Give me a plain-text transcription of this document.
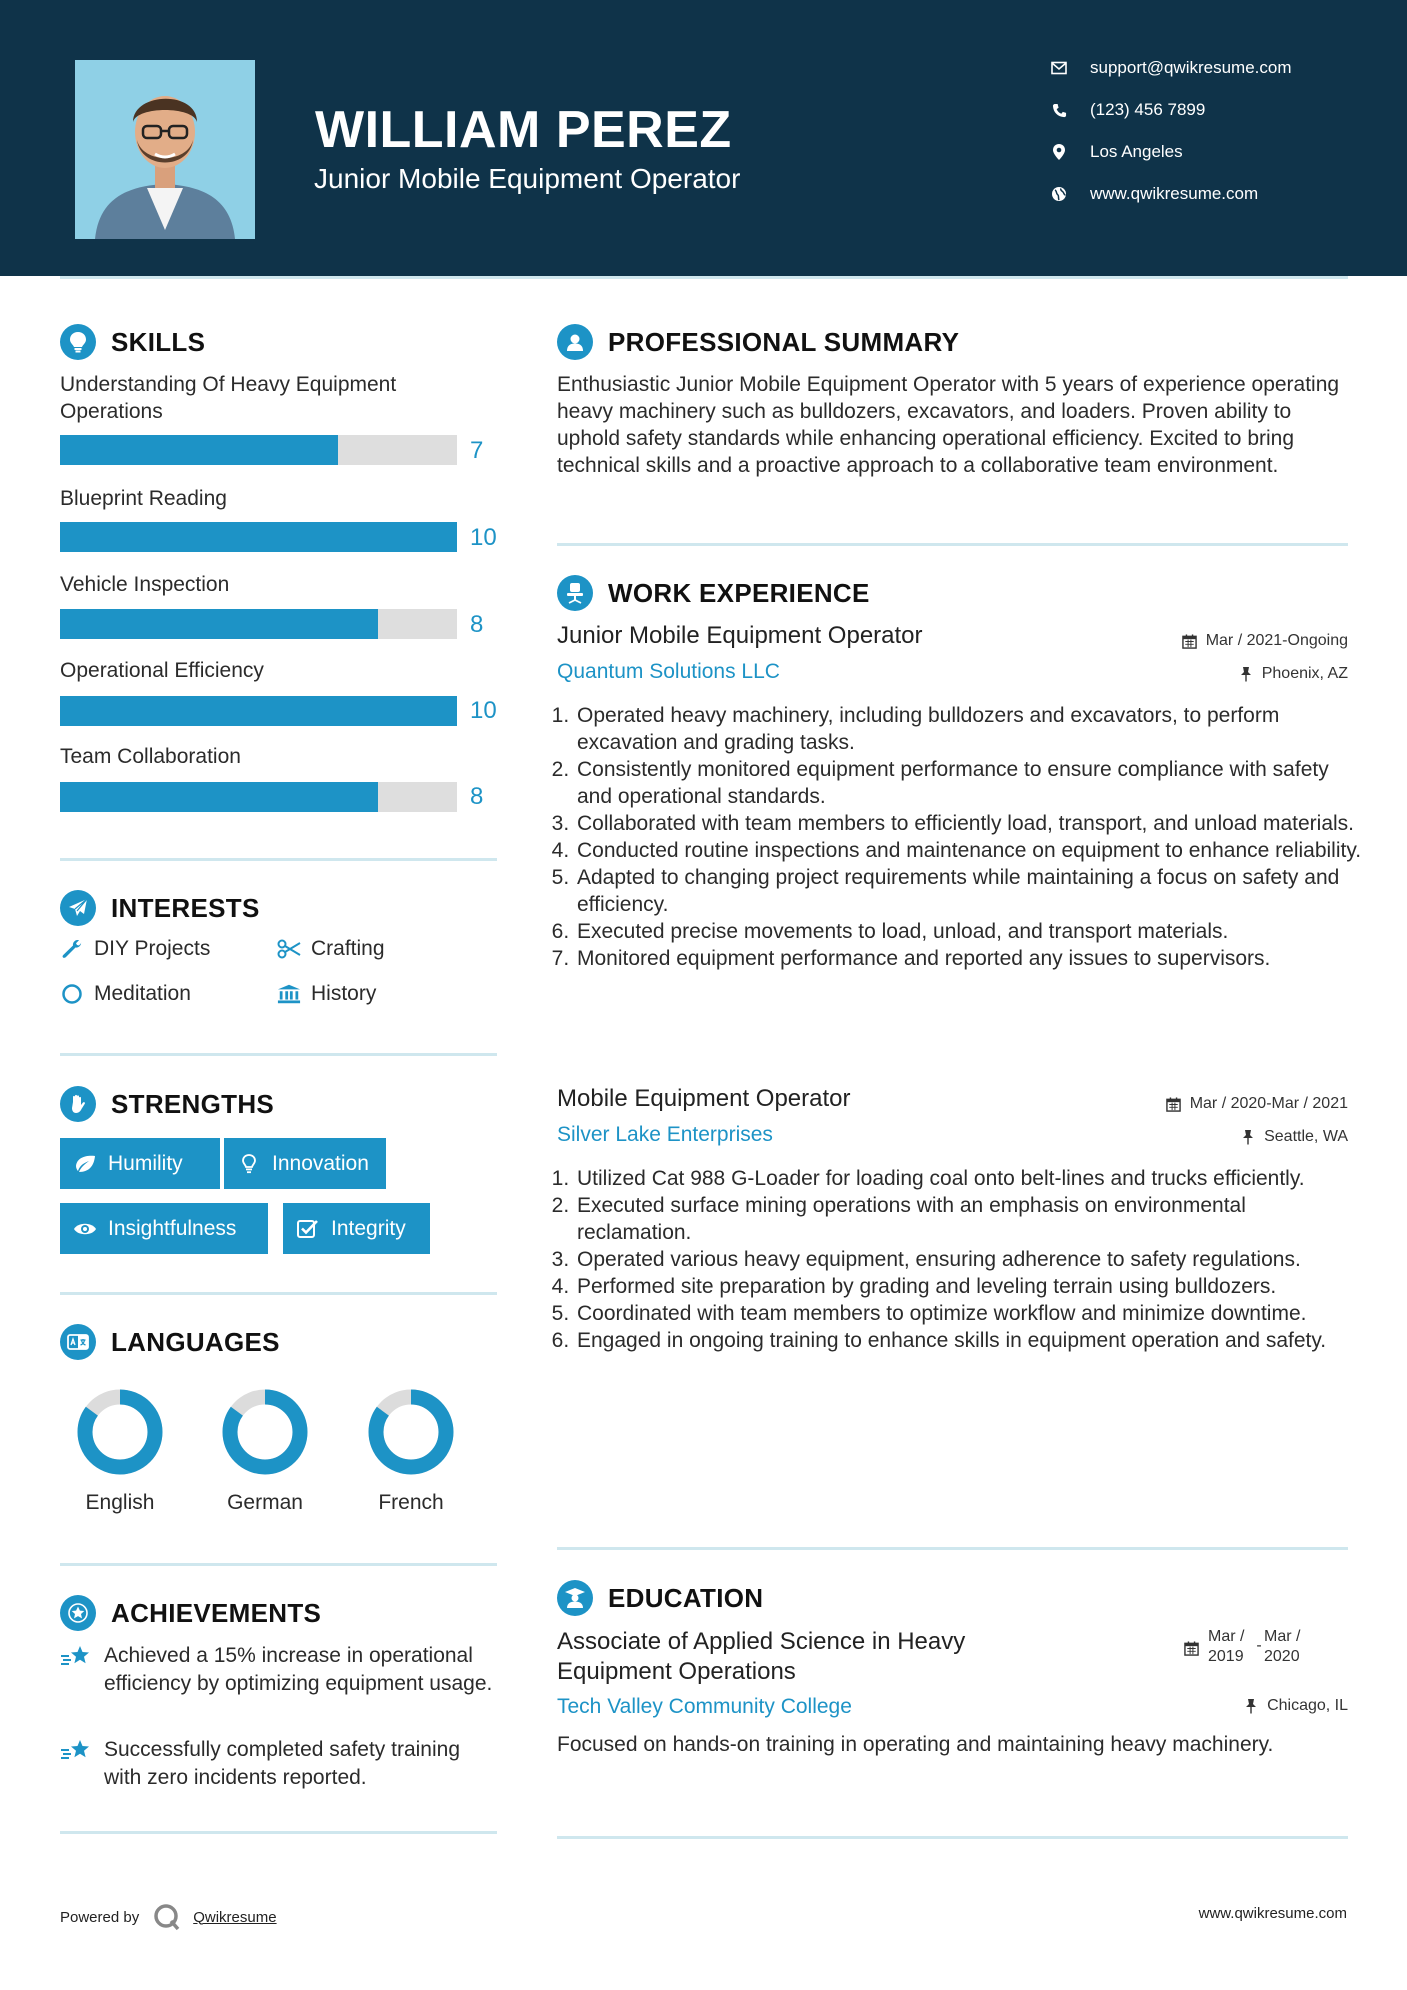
WILLIAM PEREZ
Junior Mobile Equipment Operator
support@qwikresume.com
(123) 456 7899
Los Angeles
www.qwikresume.com
SKILLS
Understanding Of Heavy Equipment Operations
7
Blueprint Reading
10
Vehicle Inspection
8
Operational Efficiency
10
Team Collaboration
8
INTERESTS
DIY Projects	Crafting
Meditation	History
STRENGTHS
Humility	Innovation
Insightfulness	Integrity
LANGUAGES
English	German	French
ACHIEVEMENTS
Achieved a 15% increase in operational efficiency by optimizing equipment usage.
Successfully completed safety training with zero incidents reported.
PROFESSIONAL SUMMARY
Enthusiastic Junior Mobile Equipment Operator with 5 years of experience operating heavy machinery such as bulldozers, excavators, and loaders. Proven ability to uphold safety standards while enhancing operational efficiency. Excited to bring technical skills and a proactive approach to a collaborative team environment.
WORK EXPERIENCE
Junior Mobile Equipment Operator	Mar / 2021-Ongoing
Quantum Solutions LLC	Phoenix, AZ
1. Operated heavy machinery, including bulldozers and excavators, to perform excavation and grading tasks.
2. Consistently monitored equipment performance to ensure compliance with safety and operational standards.
3. Collaborated with team members to efficiently load, transport, and unload materials.
4. Conducted routine inspections and maintenance on equipment to enhance reliability.
5. Adapted to changing project requirements while maintaining a focus on safety and efficiency.
6. Executed precise movements to load, unload, and transport materials.
7. Monitored equipment performance and reported any issues to supervisors.
Mobile Equipment Operator	Mar / 2020-Mar / 2021
Silver Lake Enterprises	Seattle, WA
1. Utilized Cat 988 G-Loader for loading coal onto belt-lines and trucks efficiently.
2. Executed surface mining operations with an emphasis on environmental reclamation.
3. Operated various heavy equipment, ensuring adherence to safety regulations.
4. Performed site preparation by grading and leveling terrain using bulldozers.
5. Coordinated with team members to optimize workflow and minimize downtime.
6. Engaged in ongoing training to enhance skills in equipment operation and safety.
EDUCATION
Associate of Applied Science in Heavy Equipment Operations
Mar / 2019
-
Mar / 2020
Tech Valley Community College	Chicago, IL
Focused on hands-on training in operating and maintaining heavy machinery.
Powered by	Qwikresume	www.qwikresume.com
